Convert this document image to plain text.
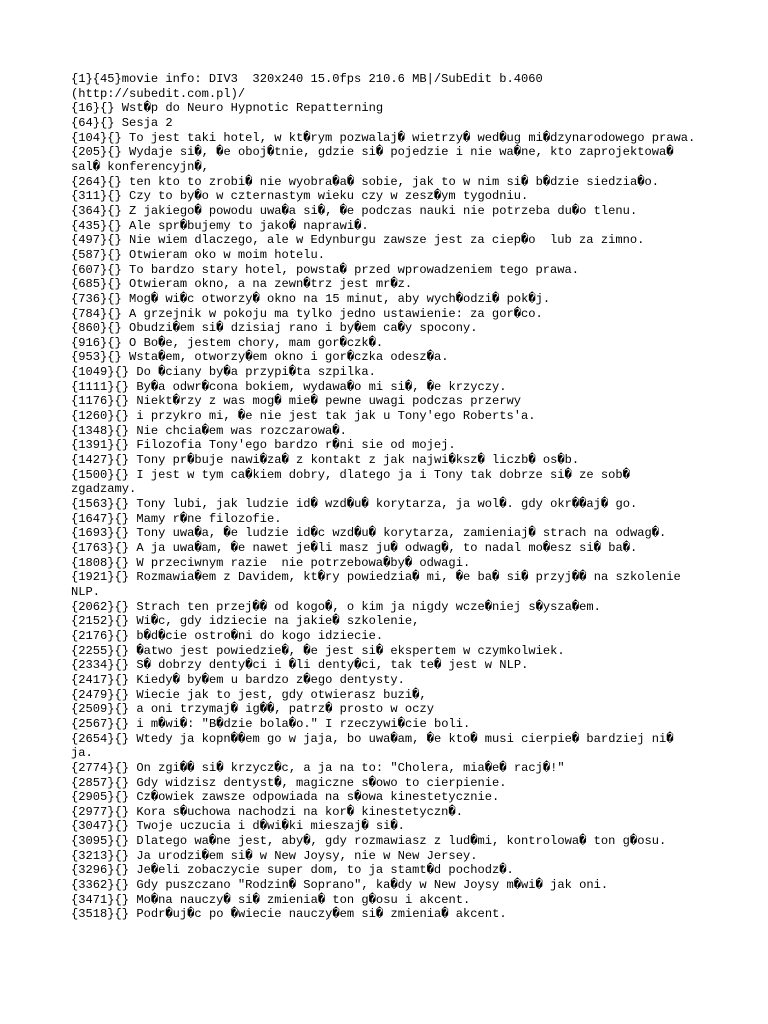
{1}{45}movie info: DIV3  320x240 15.0fps 210.6 MB|/SubEdit b.4060 (http://subedit.com.pl)/
{16}{} Wst�p do Neuro Hypnotic Repatterning
{64}{} Sesja 2
{104}{} To jest taki hotel, w kt�rym pozwalaj� wietrzy� wed�ug mi�dzynarodowego prawa.
{205}{} Wydaje si�, �e oboj�tnie, gdzie si� pojedzie i nie wa�ne, kto zaprojektowa� sal� konferencyjn�,
{264}{} ten kto to zrobi� nie wyobra�a� sobie, jak to w nim si� b�dzie siedzia�o.
{311}{} Czy to by�o w czternastym wieku czy w zesz�ym tygodniu.
{364}{} Z jakiego� powodu uwa�a si�, �e podczas nauki nie potrzeba du�o tlenu.
{435}{} Ale spr�bujemy to jako� naprawi�.
{497}{} Nie wiem dlaczego, ale w Edynburgu zawsze jest za ciep�o  lub za zimno.
{587}{} Otwieram oko w moim hotelu.
{607}{} To bardzo stary hotel, powsta� przed wprowadzeniem tego prawa.
{685}{} Otwieram okno, a na zewn�trz jest mr�z.
{736}{} Mog� wi�c otworzy� okno na 15 minut, aby wych�odzi� pok�j.
{784}{} A grzejnik w pokoju ma tylko jedno ustawienie: za gor�co.
{860}{} Obudzi�em si� dzisiaj rano i by�em ca�y spocony.
{916}{} O Bo�e, jestem chory, mam gor�czk�.
{953}{} Wsta�em, otworzy�em okno i gor�czka odesz�a.
{1049}{} Do �ciany by�a przypi�ta szpilka.
{1111}{} By�a odwr�cona bokiem, wydawa�o mi si�, �e krzyczy.
{1176}{} Niekt�rzy z was mog� mie� pewne uwagi podczas przerwy
{1260}{} i przykro mi, �e nie jest tak jak u Tony'ego Roberts'a.
{1348}{} Nie chcia�em was rozczarowa�.
{1391}{} Filozofia Tony'ego bardzo r�ni sie od mojej.
{1427}{} Tony pr�buje nawi�za� z kontakt z jak najwi�ksz� liczb� os�b.
{1500}{} I jest w tym ca�kiem dobry, dlatego ja i Tony tak dobrze si� ze sob� zgadzamy.
{1563}{} Tony lubi, jak ludzie id� wzd�u� korytarza, ja wol�. gdy okr��aj� go.
{1647}{} Mamy r�ne filozofie.
{1693}{} Tony uwa�a, �e ludzie id�c wzd�u� korytarza, zamieniaj� strach na odwag�.
{1763}{} A ja uwa�am, �e nawet je�li masz ju� odwag�, to nadal mo�esz si� ba�.
{1808}{} W przeciwnym razie  nie potrzebowa�by� odwagi.
{1921}{} Rozmawia�em z Davidem, kt�ry powiedzia� mi, �e ba� si� przyj�� na szkolenie NLP.
{2062}{} Strach ten przej�� od kogo�, o kim ja nigdy wcze�niej s�ysza�em.
{2152}{} Wi�c, gdy idziecie na jakie� szkolenie,
{2176}{} b�d�cie ostro�ni do kogo idziecie.
{2255}{} �atwo jest powiedzie�, �e jest si� ekspertem w czymkolwiek.
{2334}{} S� dobrzy denty�ci i �li denty�ci, tak te� jest w NLP.
{2417}{} Kiedy� by�em u bardzo z�ego dentysty.
{2479}{} Wiecie jak to jest, gdy otwierasz buzi�,
{2509}{} a oni trzymaj� ig��, patrz� prosto w oczy
{2567}{} i m�wi�: "B�dzie bola�o." I rzeczywi�cie boli.
{2654}{} Wtedy ja kopn��em go w jaja, bo uwa�am, �e kto� musi cierpie� bardziej ni� ja.
{2774}{} On zgi�� si� krzycz�c, a ja na to: "Cholera, mia�e� racj�!"
{2857}{} Gdy widzisz dentyst�, magiczne s�owo to cierpienie.
{2905}{} Cz�owiek zawsze odpowiada na s�owa kinestetycznie.
{2977}{} Kora s�uchowa nachodzi na kor� kinestetyczn�.
{3047}{} Twoje uczucia i d�wi�ki mieszaj� si�.
{3095}{} Dlatego wa�ne jest, aby�, gdy rozmawiasz z lud�mi, kontrolowa� ton g�osu.
{3213}{} Ja urodzi�em si� w New Joysy, nie w New Jersey.
{3296}{} Je�eli zobaczycie super dom, to ja stamt�d pochodz�.
{3362}{} Gdy puszczano "Rodzin� Soprano", ka�dy w New Joysy m�wi� jak oni.
{3471}{} Mo�na nauczy� si� zmienia� ton g�osu i akcent.
{3518}{} Podr�uj�c po �wiecie nauczy�em si� zmienia� akcent.
